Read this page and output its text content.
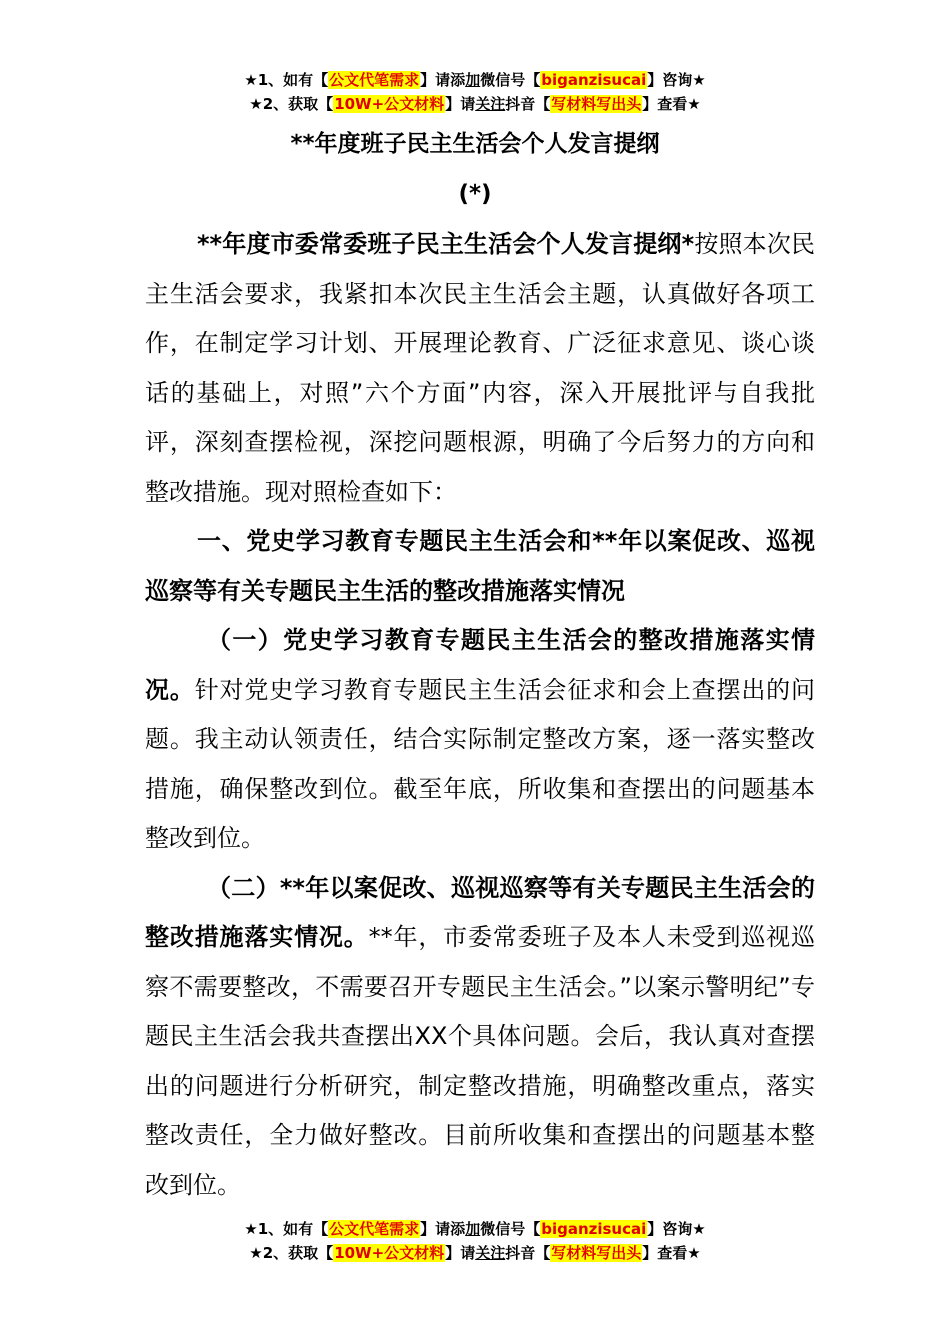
★1、如有【公文代笔需求】请添加微信号【biganzisucai】咨询★
★2、获取【10W+公文材料】请关注抖音【写材料写出头】查看★
**年度班子民主生活会个人发言提纲
(*)

**年度市委常委班子民主生活会个人发言提纲*按照本次民主生活会要求，我紧扣本次民主生活会主题，认真做好各项工作，在制定学习计划、开展理论教育、广泛征求意见、谈心谈话的基础上，对照”六个方面”内容，深入开展批评与自我批评，深刻查摆检视，深挖问题根源，明确了今后努力的方向和整改措施。现对照检查如下：

一、党史学习教育专题民主生活会和**年以案促改、巡视巡察等有关专题民主生活的整改措施落实情况

（一）党史学习教育专题民主生活会的整改措施落实情况。针对党史学习教育专题民主生活会征求和会上查摆出的问题。我主动认领责任，结合实际制定整改方案，逐一落实整改措施，确保整改到位。截至年底，所收集和查摆出的问题基本整改到位。

（二）**年以案促改、巡视巡察等有关专题民主生活会的整改措施落实情况。**年，市委常委班子及本人未受到巡视巡察不需要整改，不需要召开专题民主生活会。”以案示警明纪”专题民主生活会我共查摆出XX个具体问题。会后，我认真对查摆出的问题进行分析研究，制定整改措施，明确整改重点，落实整改责任，全力做好整改。目前所收集和查摆出的问题基本整改到位。

★1、如有【公文代笔需求】请添加微信号【biganzisucai】咨询★
★2、获取【10W+公文材料】请关注抖音【写材料写出头】查看★
